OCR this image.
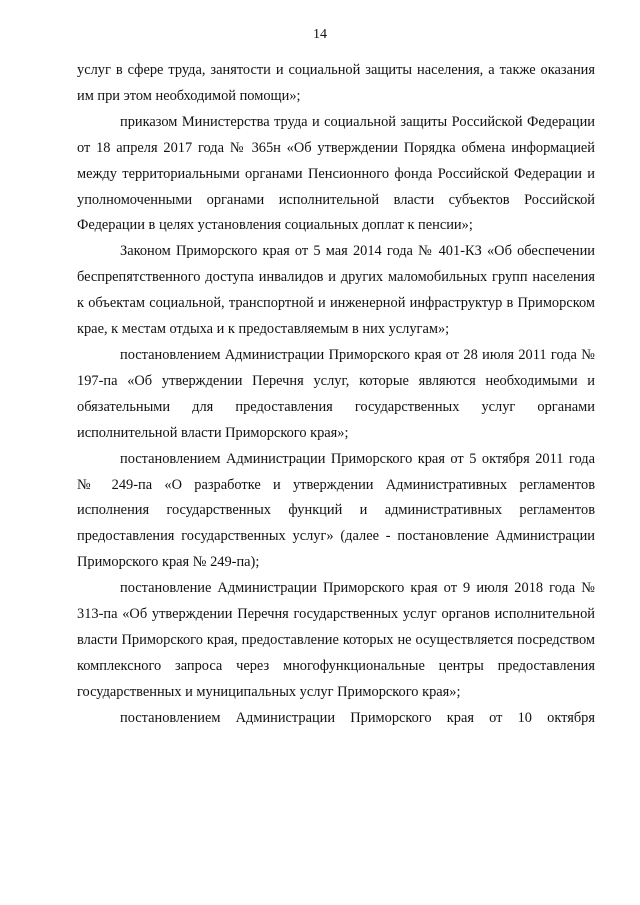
14

услуг в сфере труда, занятости и социальной защиты населения, а также оказания им при этом необходимой помощи»;

приказом Министерства труда и социальной защиты Российской Федерации от 18 апреля 2017 года № 365н «Об утверждении Порядка обмена информацией между территориальными органами Пенсионного фонда Российской Федерации и уполномоченными органами исполнительной власти субъектов Российской Федерации в целях установления социальных доплат к пенсии»;

Законом Приморского края от 5 мая 2014 года № 401-КЗ «Об обеспечении беспрепятственного доступа инвалидов и других маломобильных групп населения к объектам социальной, транспортной и инженерной инфраструктур в Приморском крае, к местам отдыха и к предоставляемым в них услугам»;

постановлением Администрации Приморского края от 28 июля 2011 года № 197-па «Об утверждении Перечня услуг, которые являются необходимыми и обязательными для предоставления государственных услуг органами исполнительной власти Приморского края»;

постановлением Администрации Приморского края от 5 октября 2011 года № 249-па «О разработке и утверждении Административных регламентов исполнения государственных функций и административных регламентов предоставления государственных услуг» (далее - постановление Администрации Приморского края № 249-па);

постановление Администрации Приморского края от 9 июля 2018 года № 313-па «Об утверждении Перечня государственных услуг органов исполнительной власти Приморского края, предоставление которых не осуществляется посредством комплексного запроса через многофункциональные центры предоставления государственных и муниципальных услуг Приморского края»;

постановлением Администрации Приморского края от 10 октября
